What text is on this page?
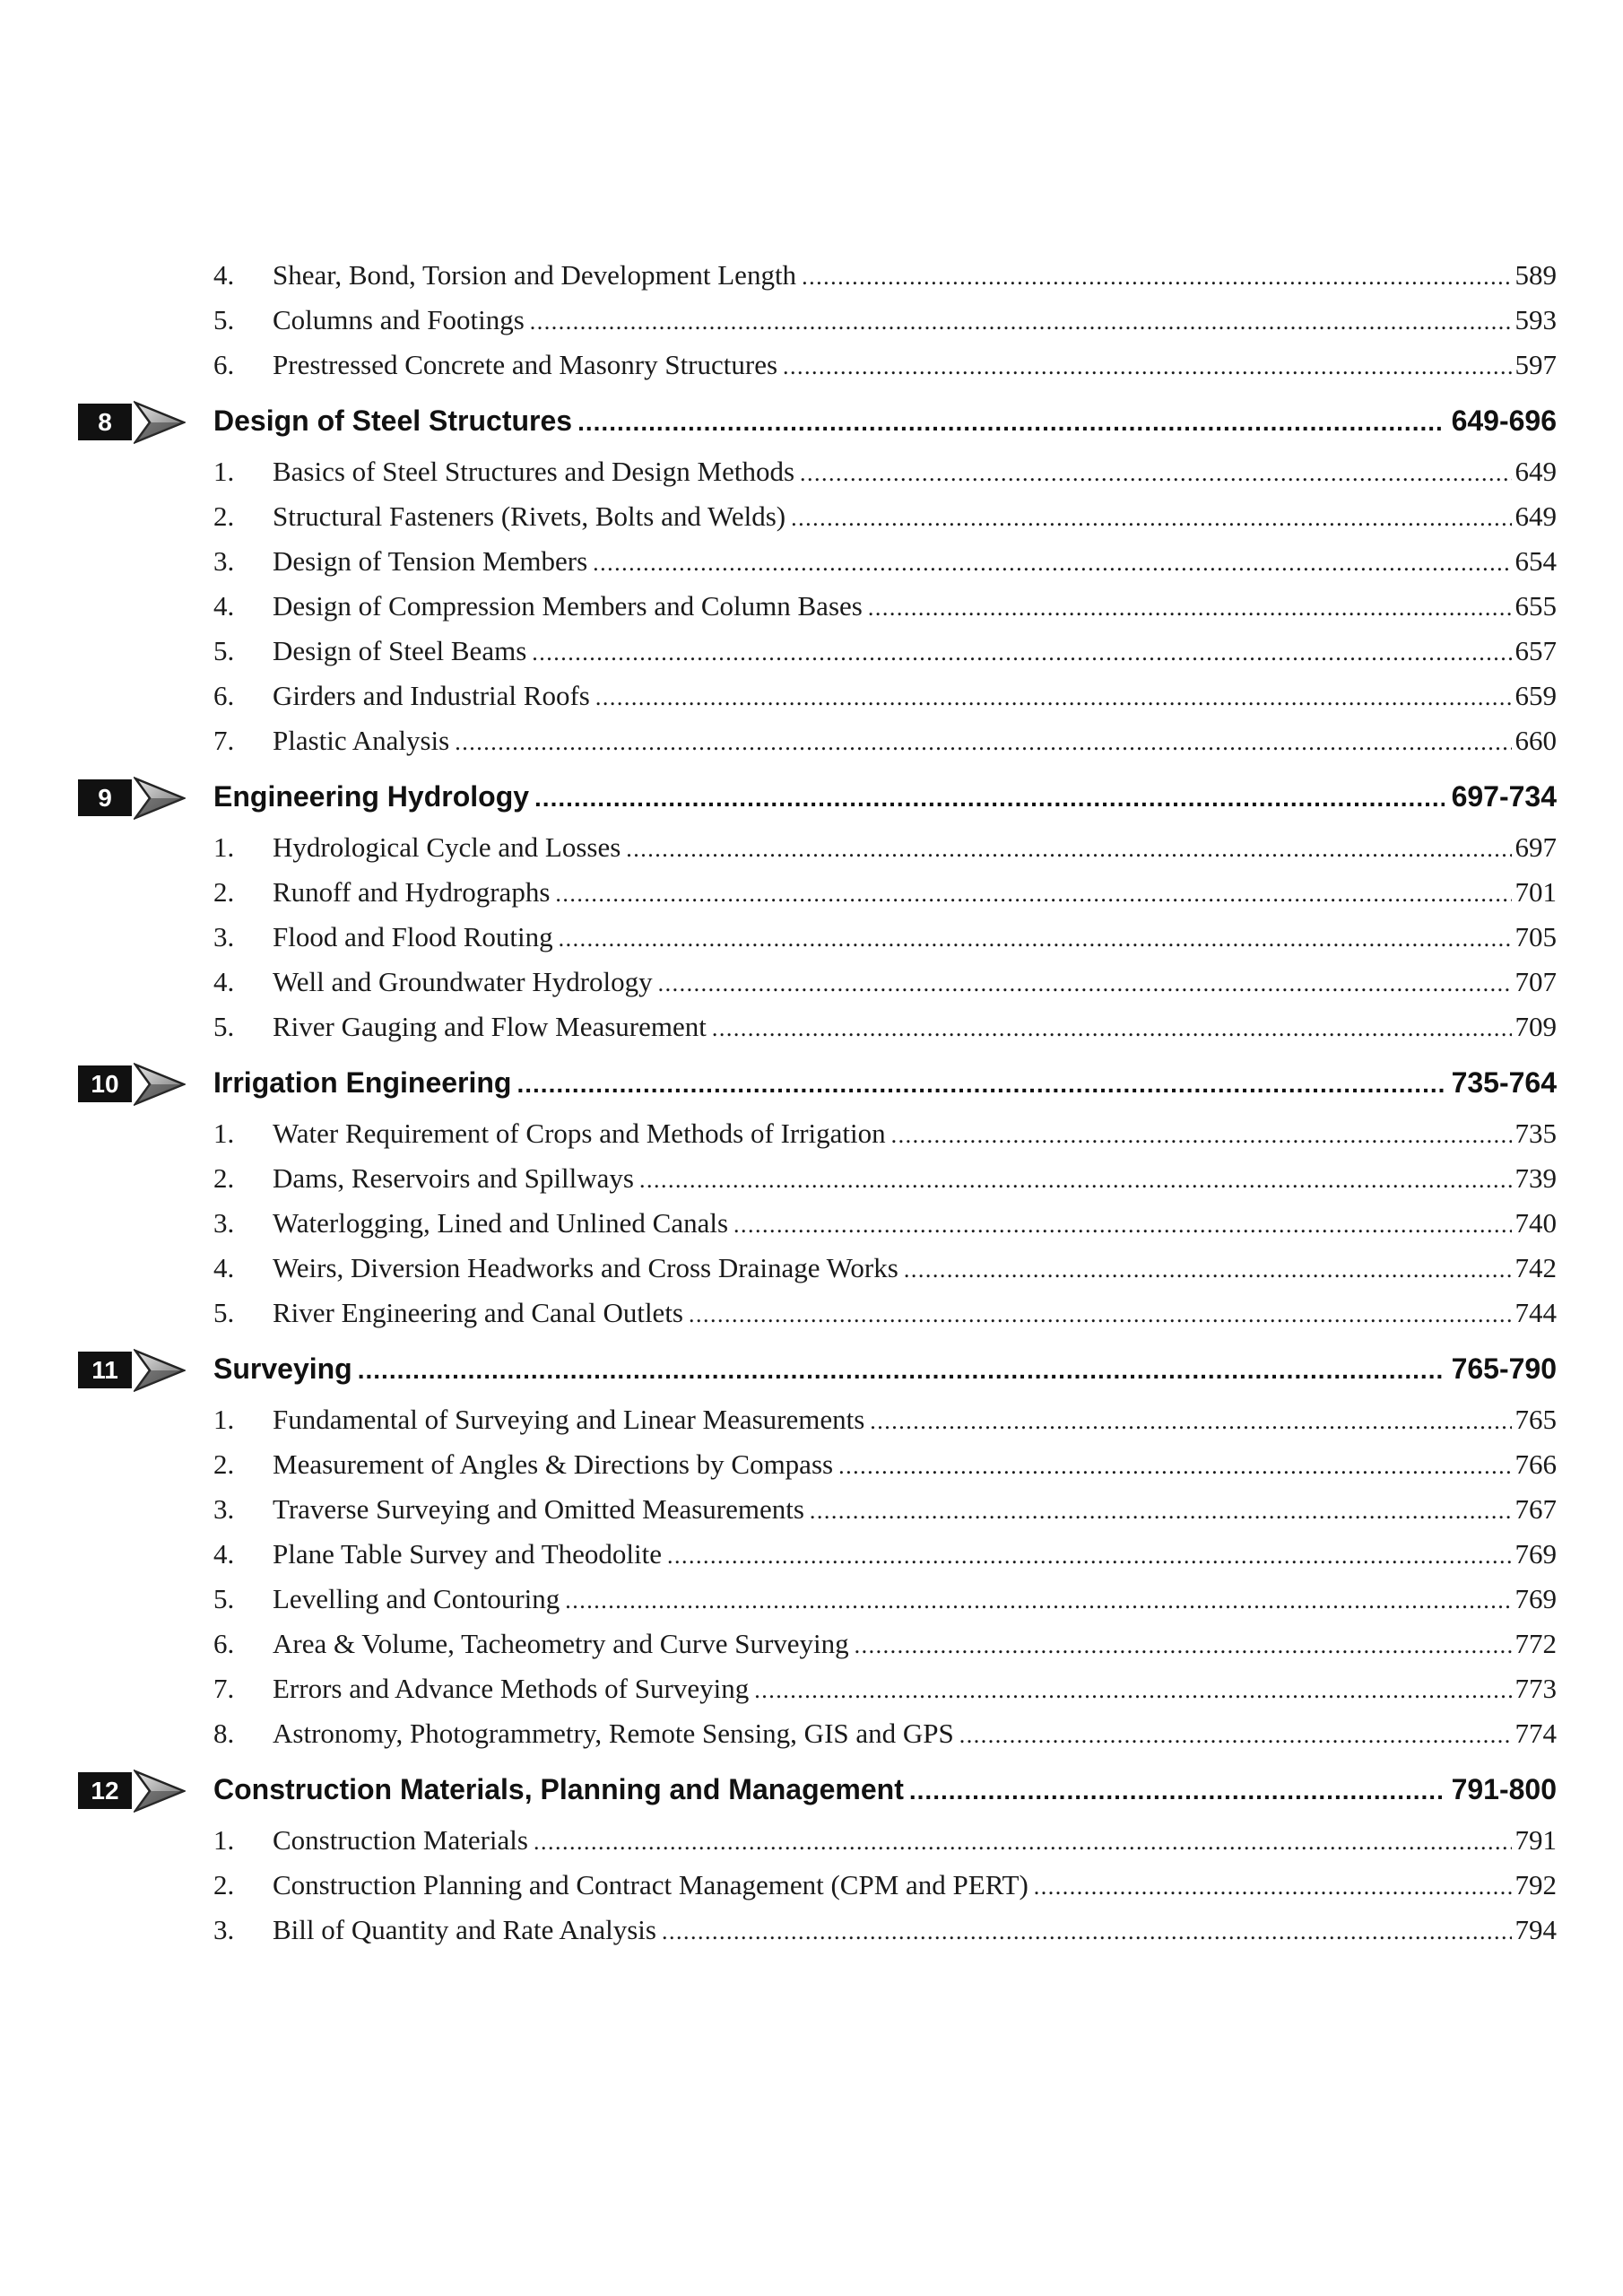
4.	Shear, Bond, Torsion and Development Length .....	589
5.	Columns and Footings .....	593
6.	Prestressed Concrete and Masonry Structures .....	597
8	Design of Steel Structures .....	649-696
1.	Basics of Steel Structures and Design Methods .....	649
2.	Structural Fasteners (Rivets, Bolts and Welds) .....	649
3.	Design of Tension Members .....	654
4.	Design of Compression Members and Column Bases .....	655
5.	Design of Steel Beams .....	657
6.	Girders and Industrial Roofs .....	659
7.	Plastic Analysis .....	660
9	Engineering Hydrology .....	697-734
1.	Hydrological Cycle and Losses .....	697
2.	Runoff and Hydrographs .....	701
3.	Flood and Flood Routing .....	705
4.	Well and Groundwater Hydrology .....	707
5.	River Gauging and Flow Measurement .....	709
10	Irrigation Engineering .....	735-764
1.	Water Requirement of Crops and Methods of Irrigation .....	735
2.	Dams, Reservoirs and Spillways .....	739
3.	Waterlogging, Lined and Unlined Canals .....	740
4.	Weirs, Diversion Headworks and Cross Drainage Works .....	742
5.	River Engineering and Canal Outlets .....	744
11	Surveying .....	765-790
1.	Fundamental of Surveying and Linear Measurements .....	765
2.	Measurement of Angles & Directions by Compass .....	766
3.	Traverse Surveying and Omitted Measurements .....	767
4.	Plane Table Survey and Theodolite .....	769
5.	Levelling and Contouring .....	769
6.	Area & Volume, Tacheometry and Curve Surveying .....	772
7.	Errors and Advance Methods of Surveying .....	773
8.	Astronomy, Photogrammetry, Remote Sensing, GIS and GPS .....	774
12	Construction Materials, Planning and Management .....	791-800
1.	Construction Materials .....	791
2.	Construction Planning and Contract Management (CPM and PERT) .....	792
3.	Bill of Quantity and Rate Analysis .....	794
